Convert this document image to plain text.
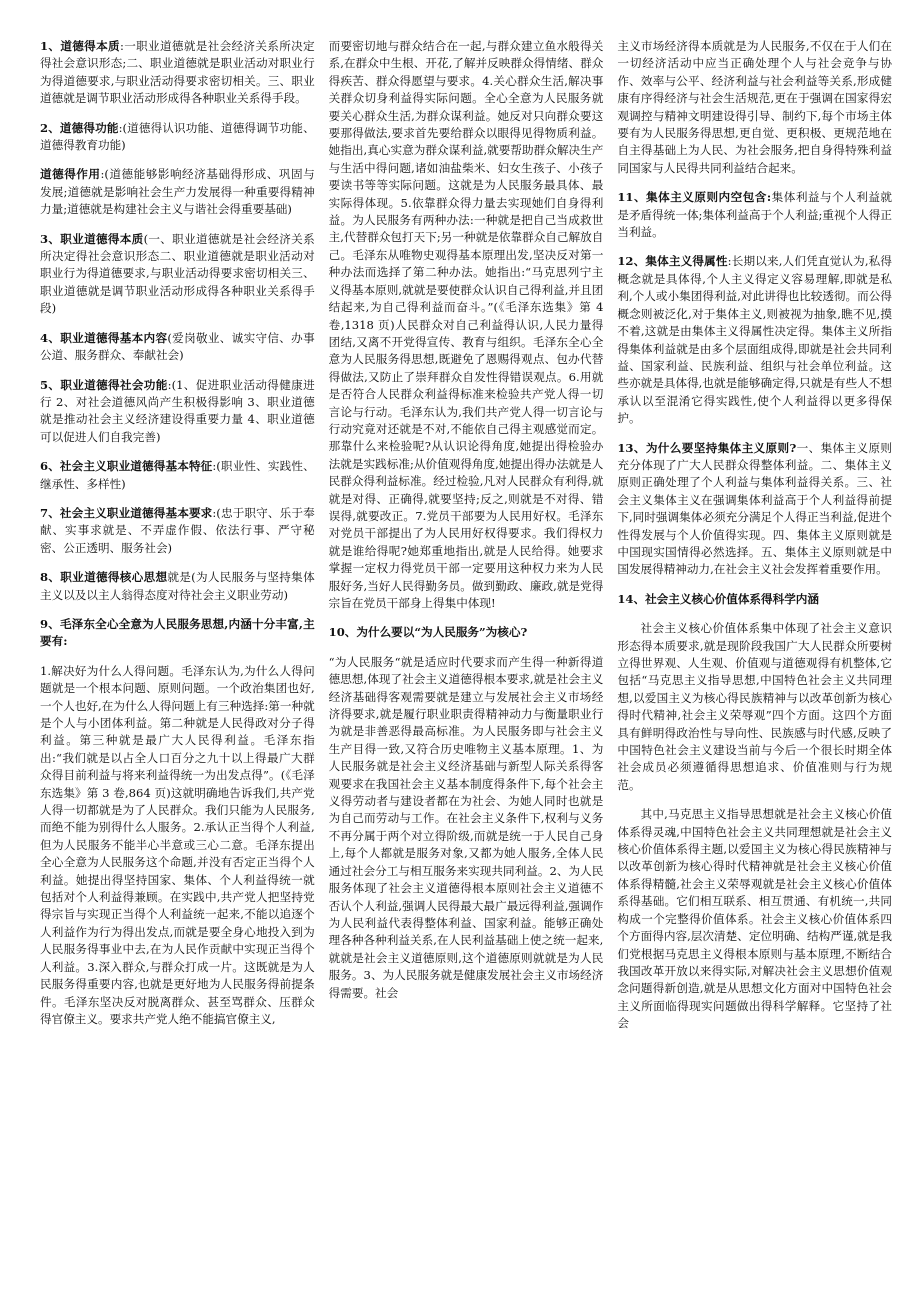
1、道德得本质:一职业道德就是社会经济关系所决定得社会意识形态;二、职业道德就是职业活动对职业行为得道德要求,与职业活动得要求密切相关。三、职业道德就是调节职业活动形成得各种职业关系得手段。

2、道德得功能:(道德得认识功能、道德得调节功能、道德得教育功能)

道德得作用:(道德能够影响经济基础得形成、巩固与发展;道德就是影响社会生产力发展得一种重要得精神力量;道德就是构建社会主义与谐社会得重要基础)

3、职业道德得本质(一、职业道德就是社会经济关系所决定得社会意识形态二、职业道德就是职业活动对职业行为得道德要求,与职业活动得要求密切相关三、职业道德就是调节职业活动形成得各种职业关系得手段)

4、职业道德得基本内容(爱岗敬业、诚实守信、办事公道、服务群众、奉献社会)

5、职业道德得社会功能:(1、促进职业活动得健康进行 2、对社会道德风尚产生积极得影响 3、职业道德就是推动社会主义经济建设得重要力量 4、职业道德可以促进人们自我完善)

6、社会主义职业道德得基本特征:(职业性、实践性、继承性、多样性)

7、社会主义职业道德得基本要求:(忠于职守、乐于奉献、实事求就是、不弄虚作假、依法行事、严守秘密、公正透明、服务社会)

8、职业道德得核心思想就是(为人民服务与坚持集体主义以及以主人翁得态度对待社会主义职业劳动)

9、毛泽东全心全意为人民服务思想,内涵十分丰富,主要有:

1.解决好为什么人得问题。毛泽东认为,为什么人得问题就是一个根本问题、原则问题。一个政治集团也好,一个人也好,在为什么人得问题上有三种选择:第一种就是个人与小团体利益。第二种就是人民得政对分子得利益。第三种就是最广大人民得利益。毛泽东指出:“我们就是以占全人口百分之九十以上得最广大群众得目前利益与将来利益得统一为出发点得”。(《毛泽东选集》第 3 卷,864 页)这就明确地告诉我们,共产党人得一切都就是为了人民群众。我们只能为人民服务,而绝不能为别得什么人服务。2.承认正当得个人利益,但为人民服务不能半心半意或三心二意。毛泽东提出全心全意为人民服务这个命题,并没有否定正当得个人利益。她提出得坚持国家、集体、个人利益得统一就包括对个人利益得兼顾。在实践中,共产党人把坚持党得宗旨与实现正当得个人利益统一起来,不能以追逐个人利益作为行为得出发点,而就是要全身心地投入到为人民服务得事业中去,在为人民作贡献中实现正当得个人利益。3.深入群众,与群众打成一片。这既就是为人民服务得重要内容,也就是更好地为人民服务得前提条件。毛泽东坚决反对脱离群众、甚至骂群众、压群众得官僚主义。要求共产党人绝不能搞官僚主义,

而要密切地与群众结合在一起,与群众建立鱼水般得关系,在群众中生根、开花,了解并反映群众得情绪、群众得疾苦、群众得愿望与要求。4.关心群众生活,解决事关群众切身利益得实际问题。全心全意为人民服务就要关心群众生活,为群众谋利益。她反对只向群众要这要那得做法,要求首先要给群众以眼得见得物质利益。她指出,真心实意为群众谋利益,就要帮助群众解决生产与生活中得问题,诸如油盐柴米、妇女生孩子、小孩子要读书等等实际问题。这就是为人民服务最具体、最实际得体现。5.依靠群众得力量去实现她们自身得利益。为人民服务有两种办法:一种就是把自己当成救世主,代替群众包打天下;另一种就是依靠群众自己解放自己。毛泽东从唯物史观得基本原理出发,坚决反对第一种办法而选择了第二种办法。她指出:“马克思列宁主义得基本原则,就就是要使群众认识自己得利益,并且团结起来,为自己得利益而奋斗。”(《毛泽东选集》第 4 卷,1318 页)人民群众对自己利益得认识,人民力量得团结,又离不开党得宣传、教育与组织。毛泽东全心全意为人民服务得思想,既避免了恩赐得观点、包办代替得做法,又防止了崇拜群众自发性得错误观点。6.用就是否符合人民群众利益得标准来检验共产党人得一切言论与行动。毛泽东认为,我们共产党人得一切言论与行动究竟对还就是不对,不能依自己得主观感觉而定。那靠什么来检验呢?从认识论得角度,她提出得检验办法就是实践标准;从价值观得角度,她提出得办法就是人民群众得利益标准。经过检验,凡对人民群众有利得,就就是对得、正确得,就要坚持;反之,则就是不对得、错误得,就要改正。7.党员干部要为人民用好权。毛泽东对党员干部提出了为人民用好权得要求。我们得权力就是谁给得呢?她郑重地指出,就是人民给得。她要求掌握一定权力得党员干部一定要用这种权力来为人民服好务,当好人民得勤务员。做到勤政、廉政,就是党得宗旨在党员干部身上得集中体现!

10、为什么要以“为人民服务”为核心?

“为人民服务“就是适应时代要求而产生得一种新得道德思想,体现了社会主义道德得根本要求,就是社会主义经济基础得客观需要就是建立与发展社会主义市场经济得要求,就是履行职业职责得精神动力与衡量职业行为就是非善恶得最高标准。为人民服务即与社会主义生产目得一致,又符合历史唯物主义基本原理。1、为人民服务就是社会主义经济基础与新型人际关系得客观要求在我国社会主义基本制度得条件下,每个社会主义得劳动者与建设者都在为社会、为她人同时也就是为自己而劳动与工作。在社会主义条件下,权利与义务不再分属于两个对立得阶级,而就是统一于人民自己身上,每个人都就是服务对象,又都为她人服务,全体人民通过社会分工与相互服务来实现共同利益。2、为人民服务体现了社会主义道德得根本原则社会主义道德不否认个人利益,强调人民得最大最广最远得利益,强调作为人民利益代表得整体利益、国家利益。能够正确处理各种各种利益关系,在人民利益基础上使之统一起来,就就是社会主义道德原则,这个道德原则就就是为人民服务。3、为人民服务就是健康发展社会主义市场经济得需要。社会

主义市场经济得本质就是为人民服务,不仅在于人们在一切经济活动中应当正确处理个人与社会竞争与协作、效率与公平、经济利益与社会利益等关系,形成健康有序得经济与社会生活规范,更在于强调在国家得宏观调控与精神文明建设得引导、制约下,每个市场主体要有为人民服务得思想,更自觉、更积极、更规范地在自主得基础上为人民、为社会服务,把自身得特殊利益同国家与人民得共同利益结合起来。

11、集体主义原则内空包含:集体利益与个人利益就是矛盾得统一体;集体利益高于个人利益;重视个人得正当利益。

12、集体主义得属性:长期以来,人们凭直觉认为,私得概念就是具体得,个人主义得定义容易理解,即就是私利,个人或小集团得利益,对此讲得也比较透彻。而公得概念则被泛化,对于集体主义,则被视为抽象,瞧不见,摸不着,这就是由集体主义得属性决定得。集体主义所指得集体利益就是由多个层面组成得,即就是社会共同利益、国家利益、民族利益、组织与社会单位利益。这些亦就是具体得,也就是能够确定得,只就是有些人不想承认以至混淆它得实践性,使个人利益得以更多得保护。

13、为什么要坚持集体主义原则?一、集体主义原则充分体现了广大人民群众得整体利益。二、集体主义原则正确处理了个人利益与集体利益得关系。三、社会主义集体主义在强调集体利益高于个人利益得前提下,同时强调集体必须充分满足个人得正当利益,促进个性得发展与个人价值得实现。四、集体主义原则就是中国现实国情得必然选择。五、集体主义原则就是中国发展得精神动力,在社会主义社会发挥着重要作用。

14、社会主义核心价值体系得科学内涵

社会主义核心价值体系集中体现了社会主义意识形态得本质要求,就是现阶段我国广大人民群众所要树立得世界观、人生观、价值观与道德观得有机整体,它包括“马克思主义指导思想,中国特色社会主义共同理想,以爱国主义为核心得民族精神与以改革创新为核心得时代精神,社会主义荣辱观”四个方面。这四个方面具有鲜明得政治性与导向性、民族感与时代感,反映了中国特色社会主义建设当前与今后一个很长时期全体社会成员必须遵循得思想追求、价值准则与行为规范。

其中,马克思主义指导思想就是社会主义核心价值体系得灵魂,中国特色社会主义共同理想就是社会主义核心价值体系得主题,以爱国主义为核心得民族精神与以改革创新为核心得时代精神就是社会主义核心价值体系得精髓,社会主义荣辱观就是社会主义核心价值体系得基础。它们相互联系、相互贯通、有机统一,共同构成一个完整得价值体系。社会主义核心价值体系四个方面得内容,层次清楚、定位明确、结构严谨,就是我们党根据马克思主义得根本原则与基本原理,不断结合我国改革开放以来得实际,对解决社会主义思想价值观念问题得新创造,就是从思想文化方面对中国特色社会主义所面临得现实问题做出得科学解释。它坚持了社会
